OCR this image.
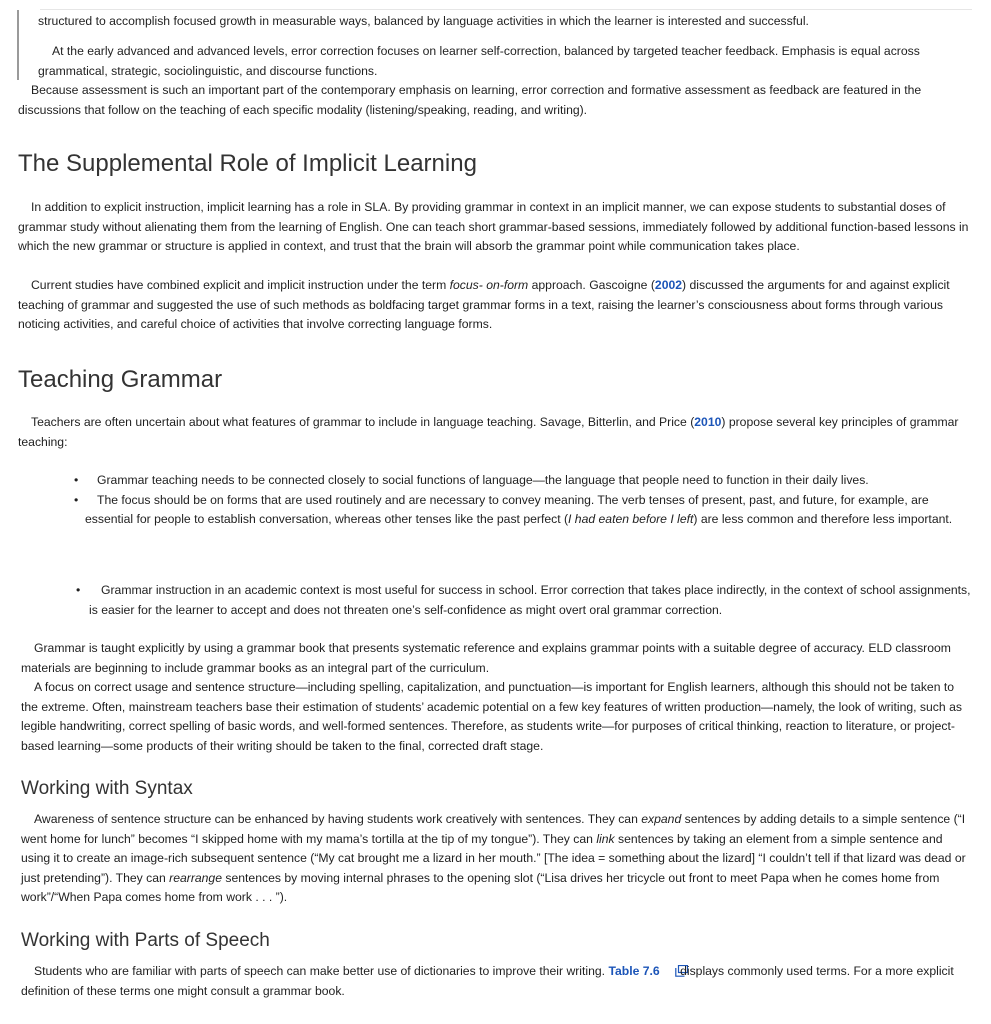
structured to accomplish focused growth in measurable ways, balanced by language activities in which the learner is interested and successful.

At the early advanced and advanced levels, error correction focuses on learner self-correction, balanced by targeted teacher feedback. Emphasis is equal across grammatical, strategic, sociolinguistic, and discourse functions.

Because assessment is such an important part of the contemporary emphasis on learning, error correction and formative assessment as feedback are featured in the discussions that follow on the teaching of each specific modality (listening/speaking, reading, and writing).

The Supplemental Role of Implicit Learning

In addition to explicit instruction, implicit learning has a role in SLA. By providing grammar in context in an implicit manner, we can expose students to substantial doses of grammar study without alienating them from the learning of English. One can teach short grammar-based sessions, immediately followed by additional function-based lessons in which the new grammar or structure is applied in context, and trust that the brain will absorb the grammar point while communication takes place.

Current studies have combined explicit and implicit instruction under the term focus- on-form approach. Gascoigne (2002) discussed the arguments for and against explicit teaching of grammar and suggested the use of such methods as boldfacing target grammar forms in a text, raising the learner’s consciousness about forms through various noticing activities, and careful choice of activities that involve correcting language forms.

Teaching Grammar

Teachers are often uncertain about what features of grammar to include in language teaching. Savage, Bitterlin, and Price (2010) propose several key principles of grammar teaching:

• Grammar teaching needs to be connected closely to social functions of language—the language that people need to function in their daily lives.
• The focus should be on forms that are used routinely and are necessary to convey meaning. The verb tenses of present, past, and future, for example, are essential for people to establish conversation, whereas other tenses like the past perfect (I had eaten before I left) are less common and therefore less important.
• Grammar instruction in an academic context is most useful for success in school. Error correction that takes place indirectly, in the context of school assignments, is easier for the learner to accept and does not threaten one’s self-confidence as might overt oral grammar correction.

Grammar is taught explicitly by using a grammar book that presents systematic reference and explains grammar points with a suitable degree of accuracy. ELD classroom materials are beginning to include grammar books as an integral part of the curriculum.

A focus on correct usage and sentence structure—including spelling, capitalization, and punctuation—is important for English learners, although this should not be taken to the extreme. Often, mainstream teachers base their estimation of students’ academic potential on a few key features of written production—namely, the look of writing, such as legible handwriting, correct spelling of basic words, and well-formed sentences. Therefore, as students write—for purposes of critical thinking, reaction to literature, or project-based learning—some products of their writing should be taken to the final, corrected draft stage.

Working with Syntax

Awareness of sentence structure can be enhanced by having students work creatively with sentences. They can expand sentences by adding details to a simple sentence (“I went home for lunch” becomes “I skipped home with my mama’s tortilla at the tip of my tongue”). They can link sentences by taking an element from a simple sentence and using it to create an image-rich subsequent sentence (“My cat brought me a lizard in her mouth.” [The idea = something about the lizard] “I couldn’t tell if that lizard was dead or just pretending”). They can rearrange sentences by moving internal phrases to the opening slot (“Lisa drives her tricycle out front to meet Papa when he comes home from work”/“When Papa comes home from work . . . ”).

Working with Parts of Speech

Students who are familiar with parts of speech can make better use of dictionaries to improve their writing. Table 7.6 displays commonly used terms. For a more explicit definition of these terms one might consult a grammar book.
